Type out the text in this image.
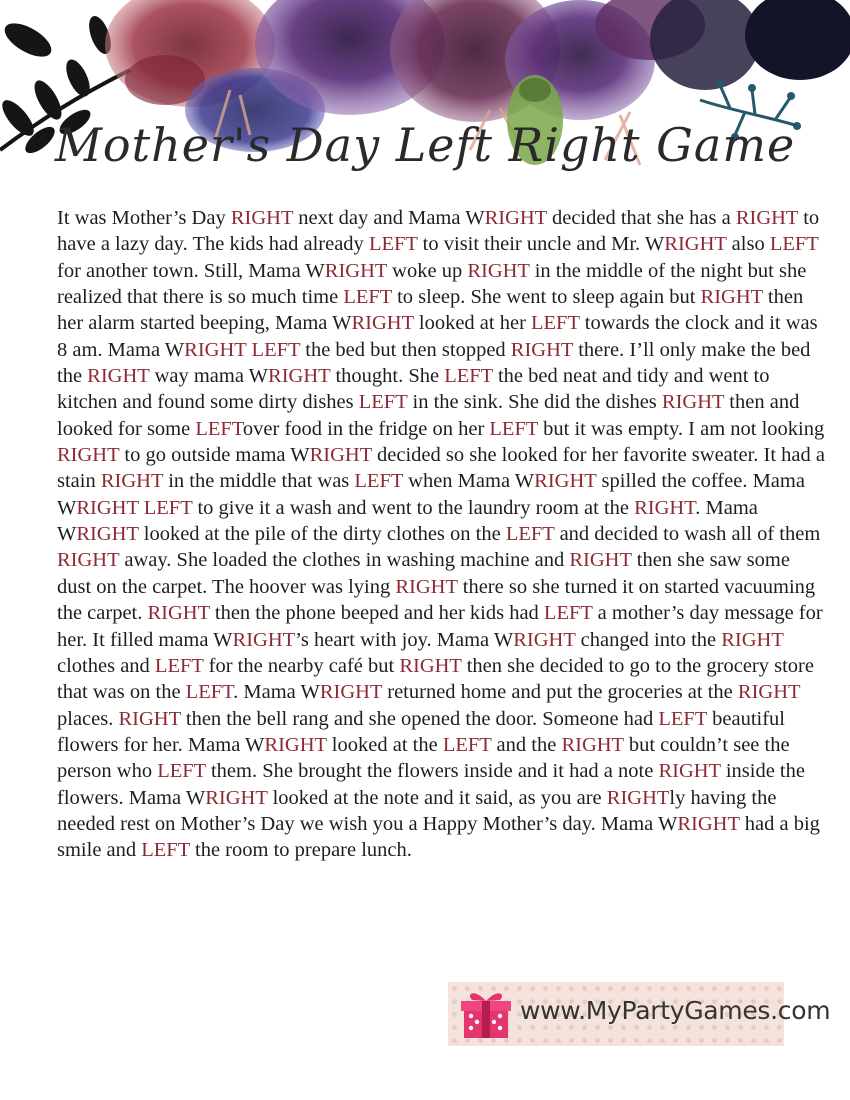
Mother's Day Left Right Game

It was Mother’s Day RIGHT next day and Mama WRIGHT decided that she has a RIGHT to have a lazy day. The kids had already LEFT to visit their uncle and Mr. WRIGHT also LEFT for another town. Still, Mama WRIGHT woke up RIGHT in the middle of the night but she realized that there is so much time LEFT to sleep. She went to sleep again but RIGHT then her alarm started beeping, Mama WRIGHT looked at her LEFT towards the clock and it was 8 am. Mama WRIGHT LEFT the bed but then stopped RIGHT there. I’ll only make the bed the RIGHT way mama WRIGHT thought. She LEFT the bed neat and tidy and went to kitchen and found some dirty dishes LEFT in the sink. She did the dishes RIGHT then and looked for some LEFTover food in the fridge on her LEFT but it was empty. I am not looking RIGHT to go outside mama WRIGHT decided so she looked for her favorite sweater. It had a stain RIGHT in the middle that was LEFT when Mama WRIGHT spilled the coffee. Mama WRIGHT LEFT to give it a wash and went to the laundry room at the RIGHT. Mama WRIGHT looked at the pile of the dirty clothes on the LEFT and decided to wash all of them RIGHT away. She loaded the clothes in washing machine and RIGHT then she saw some dust on the carpet. The hoover was lying RIGHT there so she turned it on started vacuuming the carpet. RIGHT then the phone beeped and her kids had LEFT a mother’s day message for her. It filled mama WRIGHT’s heart with joy. Mama WRIGHT changed into the RIGHT clothes and LEFT for the nearby café but RIGHT then she decided to go to the grocery store that was on the LEFT. Mama WRIGHT returned home and put the groceries at the RIGHT places. RIGHT then the bell rang and she opened the door. Someone had LEFT beautiful flowers for her. Mama WRIGHT looked at the LEFT and the RIGHT but couldn’t see the person who LEFT them. She brought the flowers inside and it had a note RIGHT inside the flowers. Mama WRIGHT looked at the note and it said, as you are RIGHTly having the needed rest on Mother’s Day we wish you a Happy Mother’s day. Mama WRIGHT had a big smile and LEFT the room to prepare lunch.

www.MyPartyGames.com
